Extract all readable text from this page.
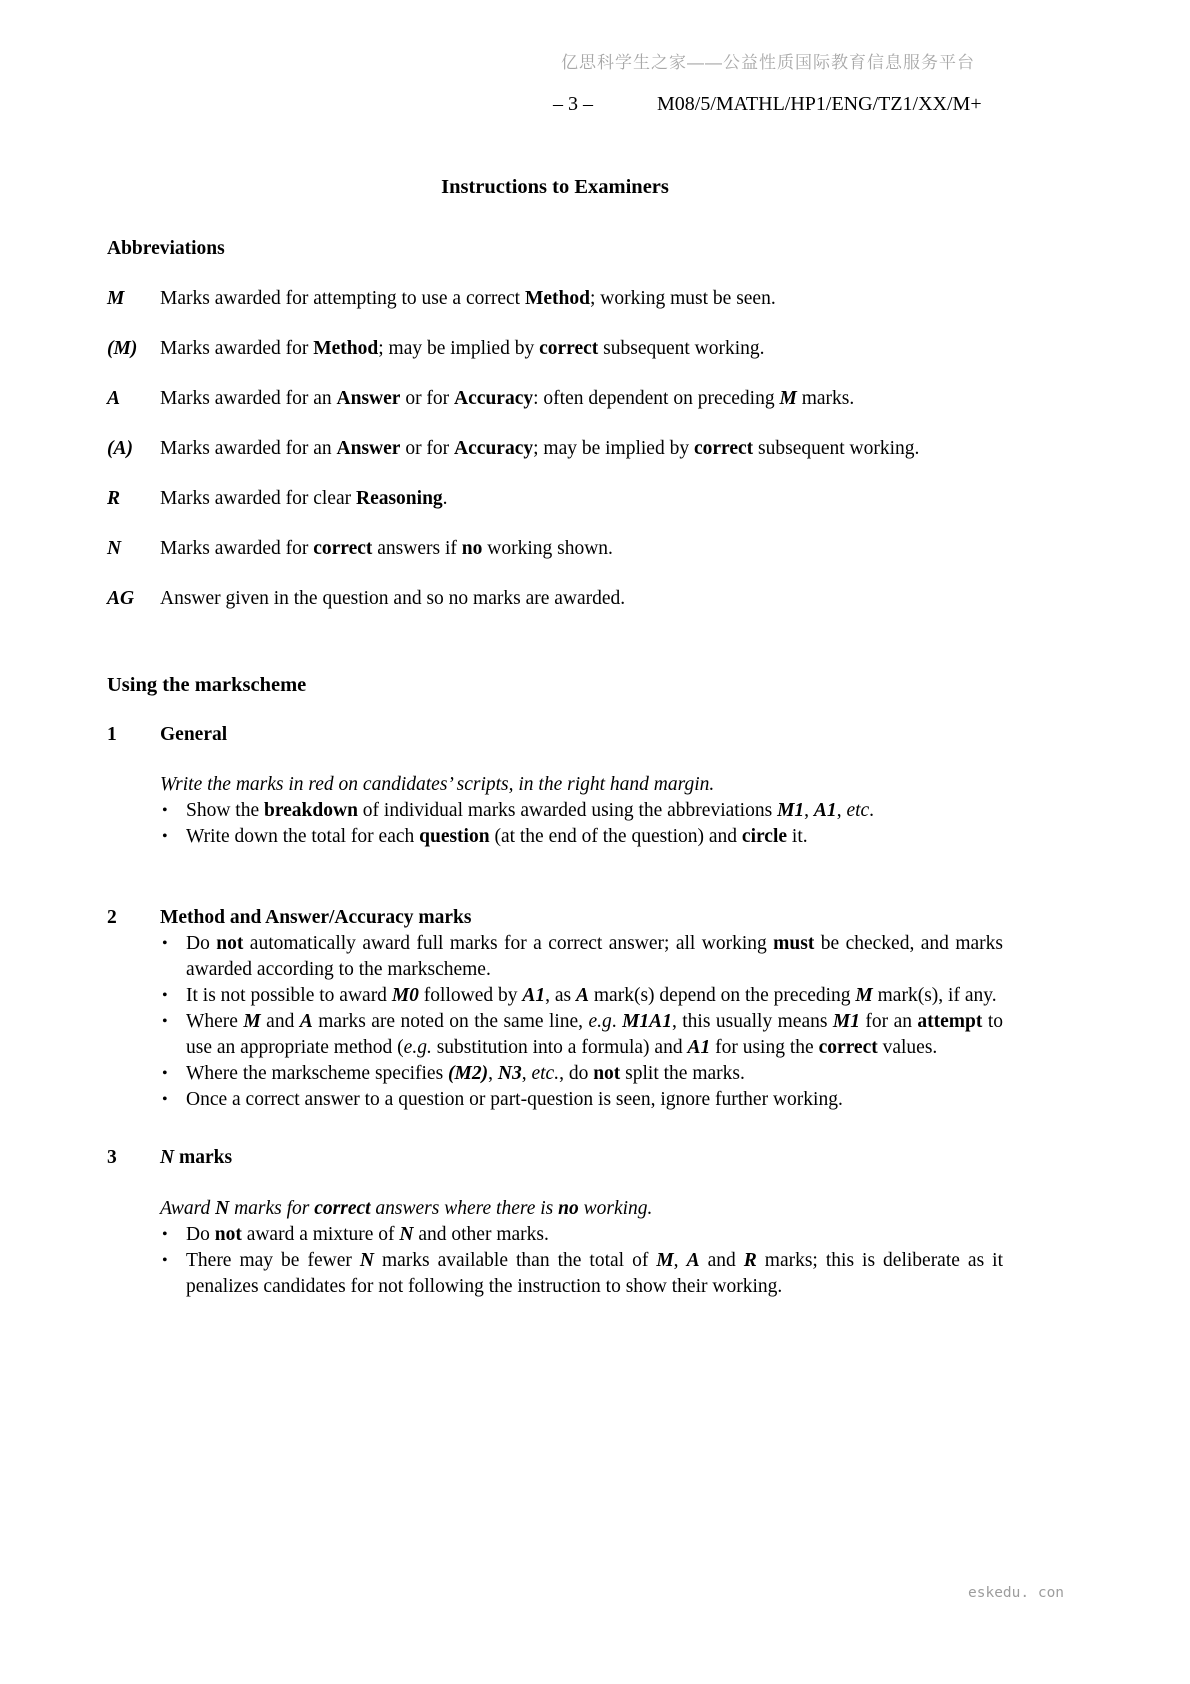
亿思科学生之家——公益性质国际教育信息服务平台
– 3 –	M08/5/MATHL/HP1/ENG/TZ1/XX/M+
Instructions to Examiners
Abbreviations
M	Marks awarded for attempting to use a correct Method; working must be seen.
(M)	Marks awarded for Method; may be implied by correct subsequent working.
A	Marks awarded for an Answer or for Accuracy: often dependent on preceding M marks.
(A)	Marks awarded for an Answer or for Accuracy; may be implied by correct subsequent working.
R	Marks awarded for clear Reasoning.
N	Marks awarded for correct answers if no working shown.
AG	Answer given in the question and so no marks are awarded.
Using the markscheme
1	General
Write the marks in red on candidates’ scripts, in the right hand margin.
• Show the breakdown of individual marks awarded using the abbreviations M1, A1, etc.
• Write down the total for each question (at the end of the question) and circle it.
2	Method and Answer/Accuracy marks
• Do not automatically award full marks for a correct answer; all working must be checked, and marks awarded according to the markscheme.
• It is not possible to award M0 followed by A1, as A mark(s) depend on the preceding M mark(s), if any.
• Where M and A marks are noted on the same line, e.g. M1A1, this usually means M1 for an attempt to use an appropriate method (e.g. substitution into a formula) and A1 for using the correct values.
• Where the markscheme specifies (M2), N3, etc., do not split the marks.
• Once a correct answer to a question or part-question is seen, ignore further working.
3	N marks
Award N marks for correct answers where there is no working.
• Do not award a mixture of N and other marks.
• There may be fewer N marks available than the total of M, A and R marks; this is deliberate as it penalizes candidates for not following the instruction to show their working.
eskedu. con
